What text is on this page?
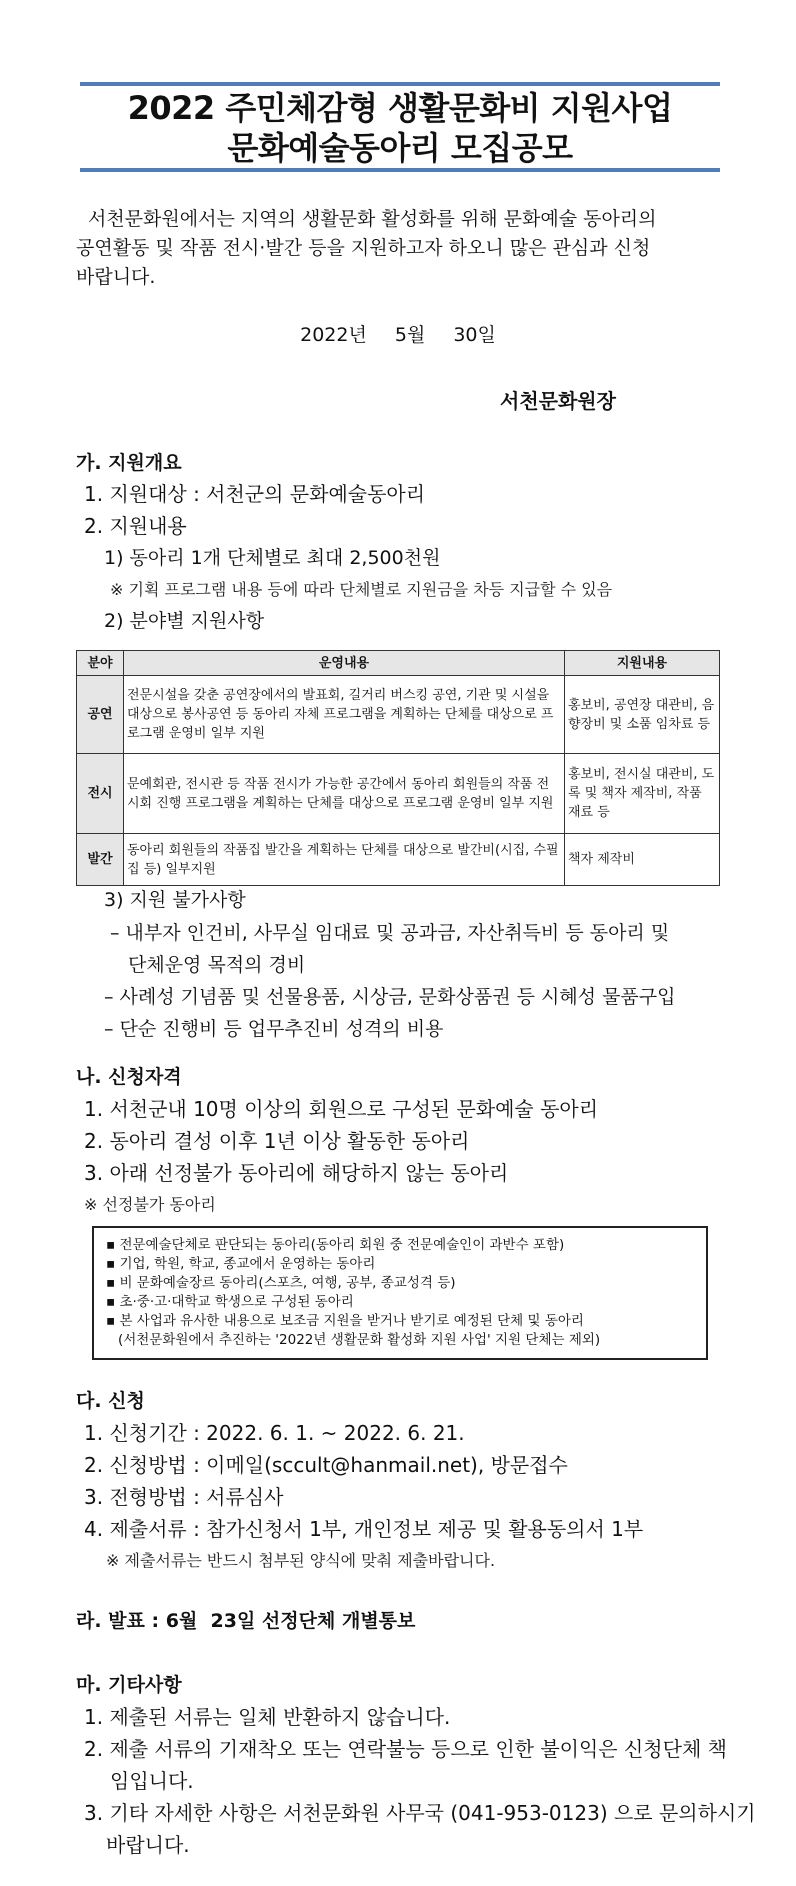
2022 주민체감형 생활문화비 지원사업
문화예술동아리 모집공모
서천문화원에서는 지역의 생활문화 활성화를 위해 문화예술 동아리의
공연활동 및 작품 전시·발간 등을 지원하고자 하오니 많은 관심과 신청
바랍니다.
2022년 5월 30일
서천문화원장
가. 지원개요
1. 지원대상 : 서천군의 문화예술동아리
2. 지원내용
1) 동아리 1개 단체별로 최대 2,500천원
※ 기획 프로그램 내용 등에 따라 단체별로 지원금을 차등 지급할 수 있음
2) 분야별 지원사항
분야	운영내용	지원내용
공연	전문시설을 갖춘 공연장에서의 발표회, 길거리 버스킹 공연, 기관 및 시설을 대상으로 봉사공연 등 동아리 자체 프로그램을 계획하는 단체를 대상으로 프로그램 운영비 일부 지원	홍보비, 공연장 대관비, 음향장비 및 소품 임차료 등
전시	문예회관, 전시관 등 작품 전시가 가능한 공간에서 동아리 회원들의 작품 전시회 진행 프로그램을 계획하는 단체를 대상으로 프로그램 운영비 일부 지원	홍보비, 전시실 대관비, 도록 및 책자 제작비, 작품 재료 등
발간	동아리 회원들의 작품집 발간을 계획하는 단체를 대상으로 발간비(시집, 수필집 등) 일부지원	책자 제작비
3) 지원 불가사항
– 내부자 인건비, 사무실 임대료 및 공과금, 자산취득비 등 동아리 및
단체운영 목적의 경비
– 사례성 기념품 및 선물용품, 시상금, 문화상품권 등 시혜성 물품구입
– 단순 진행비 등 업무추진비 성격의 비용
나. 신청자격
1. 서천군내 10명 이상의 회원으로 구성된 문화예술 동아리
2. 동아리 결성 이후 1년 이상 활동한 동아리
3. 아래 선정불가 동아리에 해당하지 않는 동아리
※ 선정불가 동아리
▪ 전문예술단체로 판단되는 동아리(동아리 회원 중 전문예술인이 과반수 포함)
▪ 기업, 학원, 학교, 종교에서 운영하는 동아리
▪ 비 문화예술장르 동아리(스포츠, 여행, 공부, 종교성격 등)
▪ 초·중·고·대학교 학생으로 구성된 동아리
▪ 본 사업과 유사한 내용으로 보조금 지원을 받거나 받기로 예정된 단체 및 동아리
(서천문화원에서 추진하는 '2022년 생활문화 활성화 지원 사업' 지원 단체는 제외)
다. 신청
1. 신청기간 : 2022. 6. 1. ~ 2022. 6. 21.
2. 신청방법 : 이메일(sccult@hanmail.net), 방문접수
3. 전형방법 : 서류심사
4. 제출서류 : 참가신청서 1부, 개인정보 제공 및 활용동의서 1부
※ 제출서류는 반드시 첨부된 양식에 맞춰 제출바랍니다.
라. 발표 : 6월  23일 선정단체 개별통보
마. 기타사항
1. 제출된 서류는 일체 반환하지 않습니다.
2. 제출 서류의 기재착오 또는 연락불능 등으로 인한 불이익은 신청단체 책
임입니다.
3. 기타 자세한 사항은 서천문화원 사무국 (041-953-0123) 으로 문의하시기
바랍니다.
